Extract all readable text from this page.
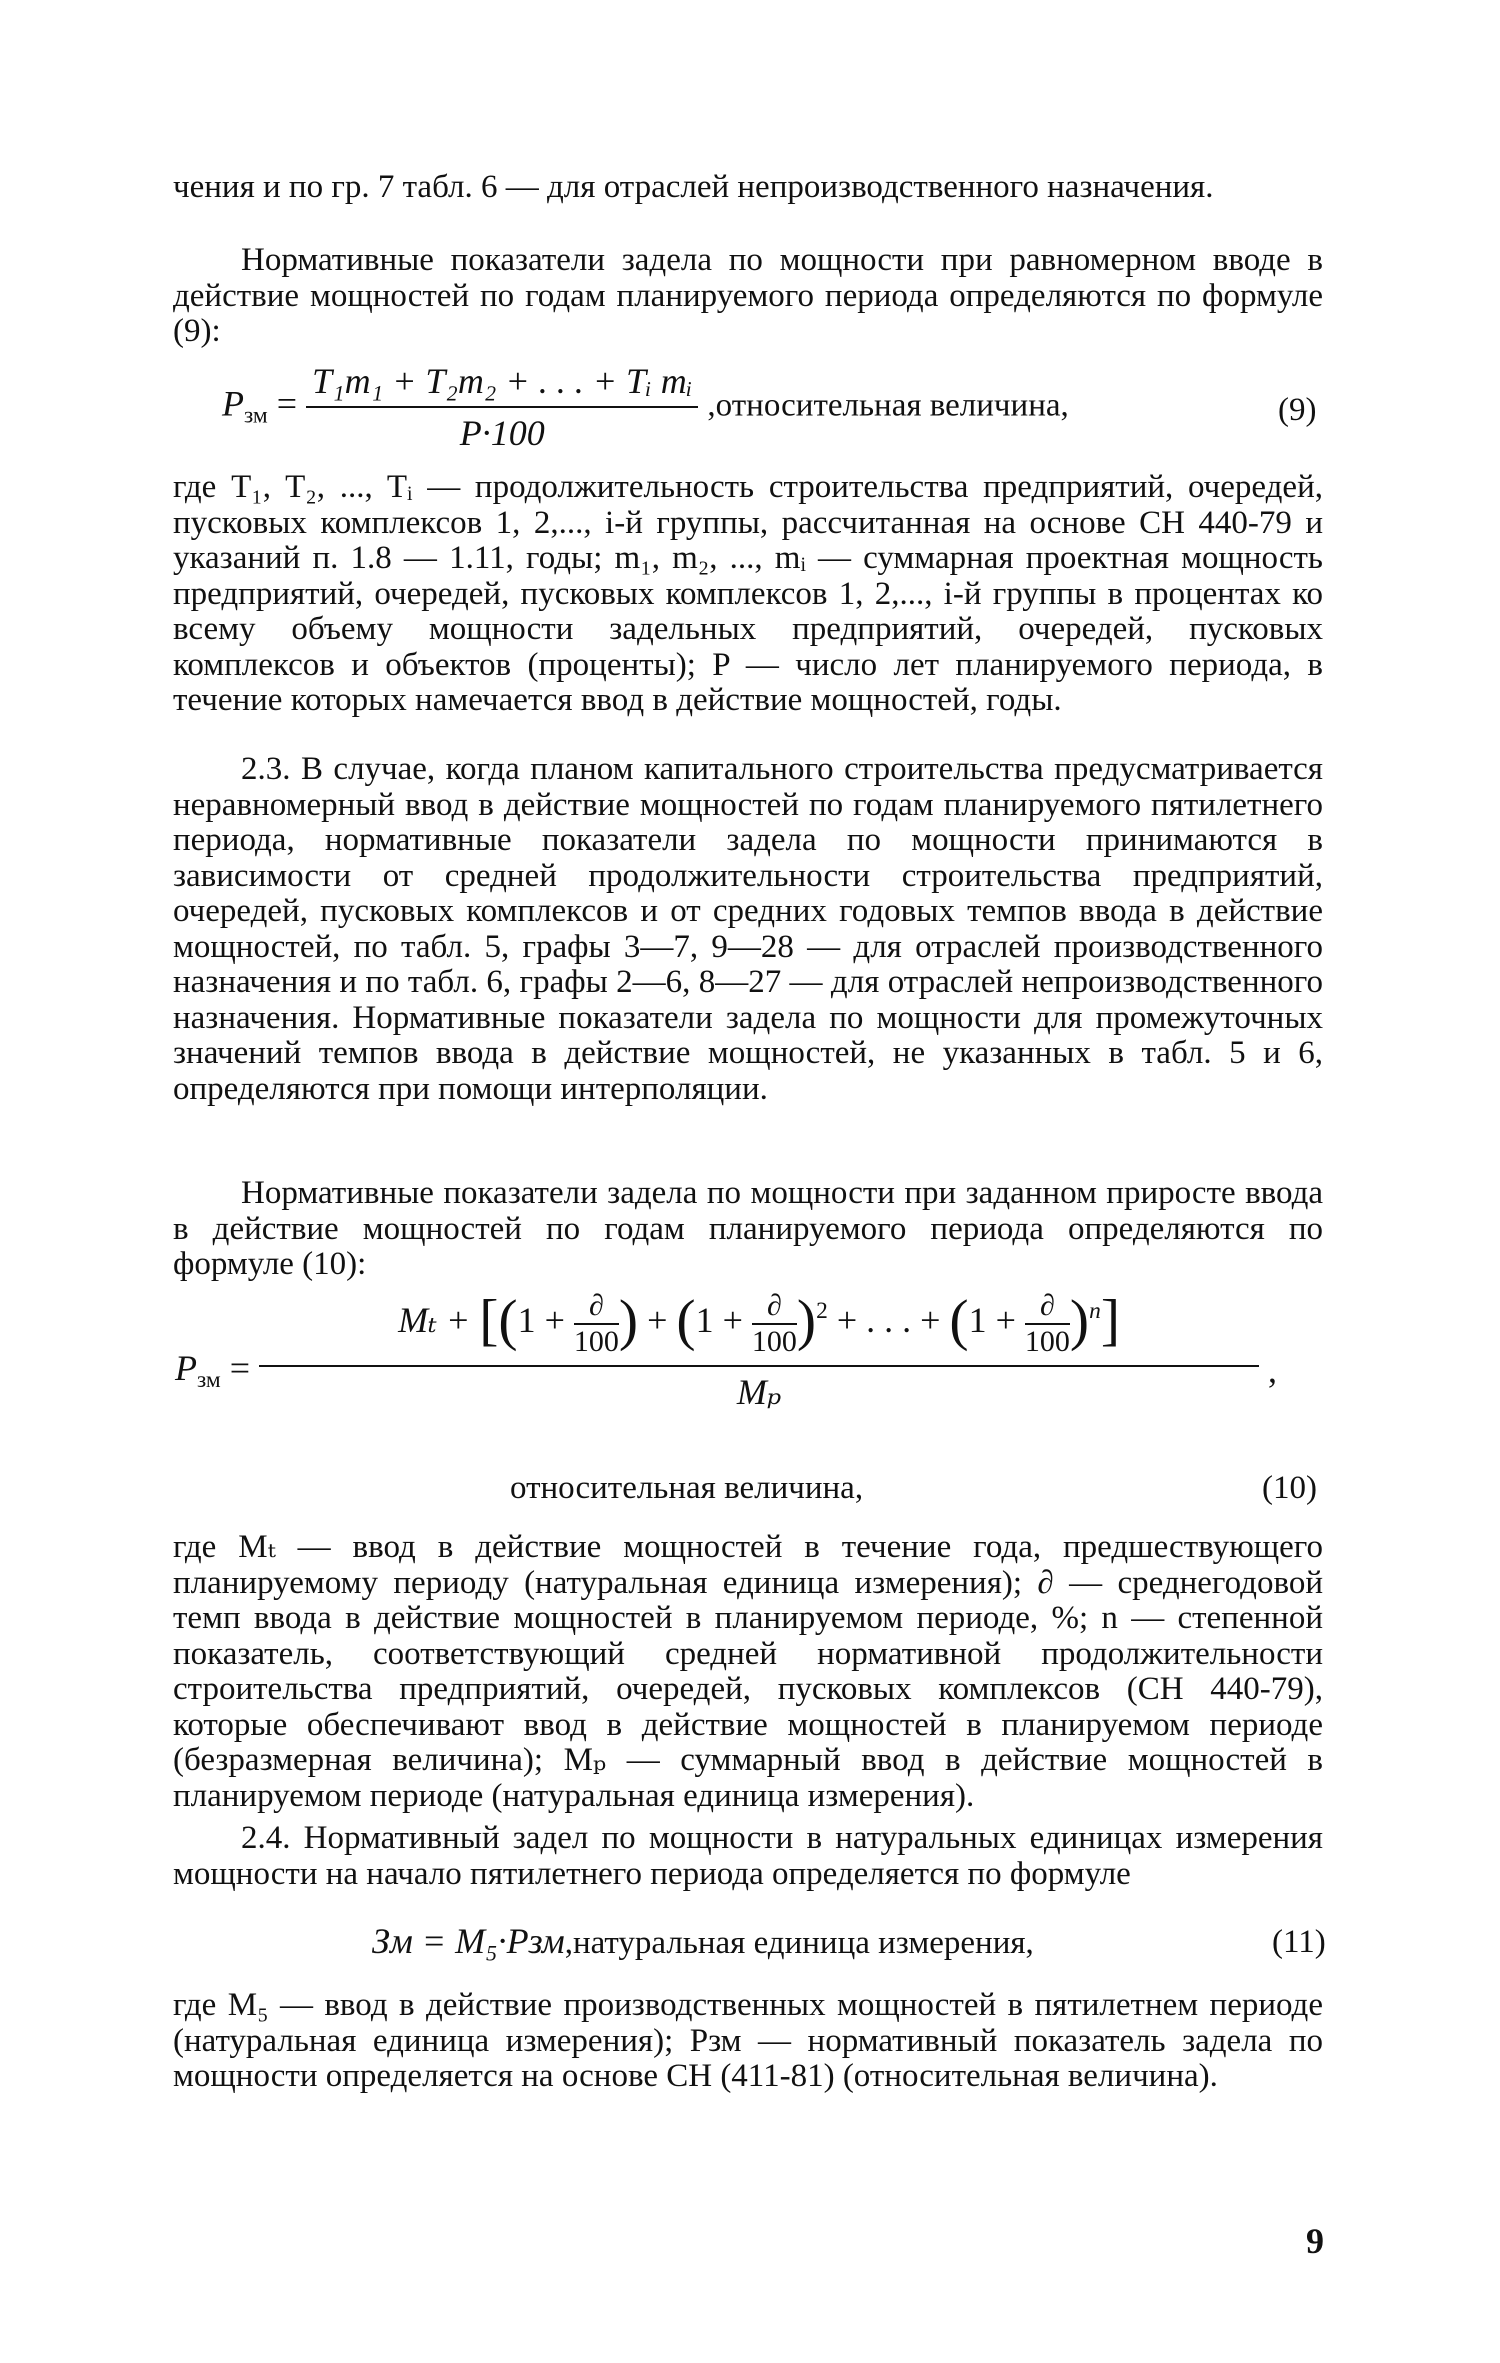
чения и по гр. 7 табл. 6 — для отраслей непроизводственного назначения.

Нормативные показатели задела по мощности при равномерном вводе в действие мощностей по годам планируемого периода определяются по формуле (9):

$P_{зм} = \frac{\text{T₁m₁ + T₂m₂ + . . . + Tᵢ mᵢ}}{P\cdot 100}$ ,относительная величина,	(9)

где T₁, T₂, ..., Tᵢ — продолжительность строительства предприятий, очередей, пусковых комплексов 1, 2,..., i-й группы, рассчитанная на основе СН 440-79 и указаний п. 1.8 — 1.11, годы; m₁, m₂, ..., mᵢ — суммарная проектная мощность предприятий, очередей, пусковых комплексов 1, 2,..., i-й группы в процентах ко всему объему мощности задельных предприятий, очередей, пусковых комплексов и объектов (проценты); P — число лет планируемого периода, в течение которых намечается ввод в действие мощностей, годы.

2.3. В случае, когда планом капитального строительства предусматривается неравномерный ввод в действие мощностей по годам планируемого пятилетнего периода, нормативные показатели задела по мощности принимаются в зависимости от средней продолжительности строительства предприятий, очередей, пусковых комплексов и от средних годовых темпов ввода в действие мощностей, по табл. 5, графы 3—7, 9—28 — для отраслей производственного назначения и по табл. 6, графы 2—6, 8—27 — для отраслей непроизводственного назначения. Нормативные показатели задела по мощности для промежуточных значений темпов ввода в действие мощностей, не указанных в табл. 5 и 6, определяются при помощи интерполяции.

Нормативные показатели задела по мощности при заданном приросте ввода в действие мощностей по годам планируемого периода определяются по формуле (10):

$P_{зм}$ =
$M_t + [(1 + \frac{\partial}{100}$ ) + $(1 + \frac{\partial}{100} )^2$ + . . . + $(1 + \frac{\partial}{100} )^n$]
Mₚ
,
относительная величина,	(10)

где Mₜ — ввод в действие мощностей в течение года, предшествующего планируемому периоду (натуральная единица измерения); ∂ — среднегодовой темп ввода в действие мощностей в планируемом периоде, %; n — степенной показатель, соответствующий средней нормативной продолжительности строительства предприятий, очередей, пусковых комплексов (СН 440-79), которые обеспечивают ввод в действие мощностей в планируемом периоде (безразмерная величина); Mₚ — суммарный ввод в действие мощностей в планируемом периоде (натуральная единица измерения).

2.4. Нормативный задел по мощности в натуральных единицах измерения мощности на начало пятилетнего периода определяется по формуле

Зм = M₅·Pзм,натуральная единица измерения,	(11)

где M₅ — ввод в действие производственных мощностей в пятилетнем периоде (натуральная единица измерения); Pзм — нормативный показатель задела по мощности определяется на основе СН (411-81) (относительная величина).

9
